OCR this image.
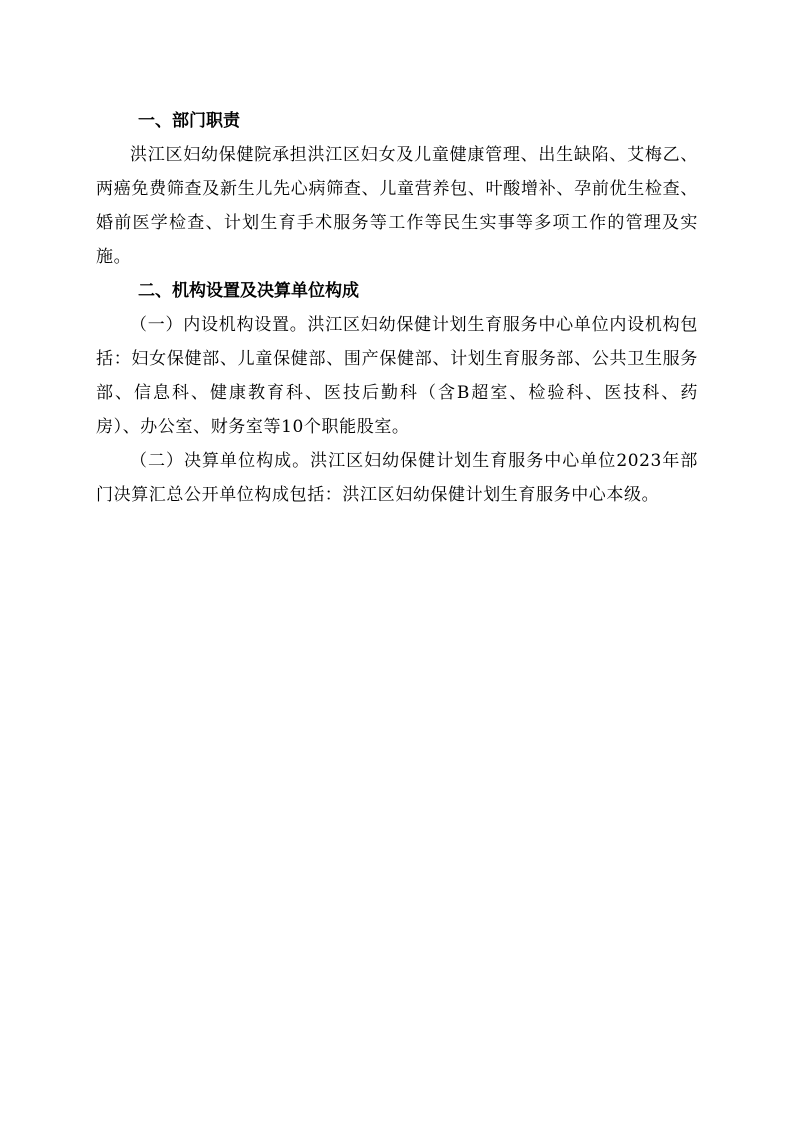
一、部门职责

洪江区妇幼保健院承担洪江区妇女及儿童健康管理、出生缺陷、艾梅乙、两癌免费筛查及新生儿先心病筛查、儿童营养包、叶酸增补、孕前优生检查、婚前医学检查、计划生育手术服务等工作等民生实事等多项工作的管理及实施。

二、机构设置及决算单位构成

（一）内设机构设置。洪江区妇幼保健计划生育服务中心单位内设机构包括：妇女保健部、儿童保健部、围产保健部、计划生育服务部、公共卫生服务部、信息科、健康教育科、医技后勤科（含B超室、检验科、医技科、药房）、办公室、财务室等10个职能股室。

（二）决算单位构成。洪江区妇幼保健计划生育服务中心单位2023年部门决算汇总公开单位构成包括：洪江区妇幼保健计划生育服务中心本级。
